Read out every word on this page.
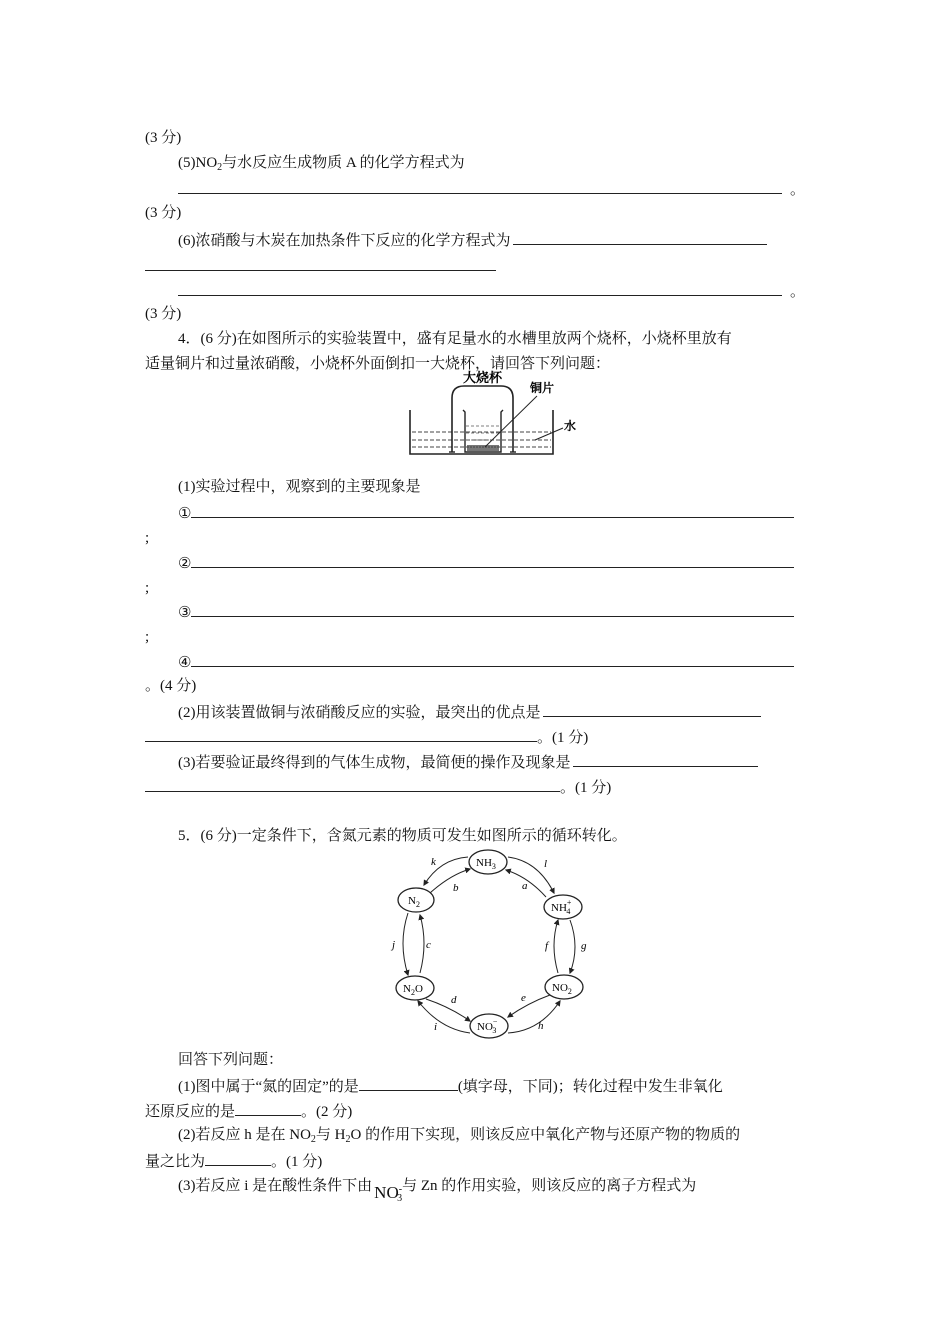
(3 分)
$(5)NO_2$与水反应生成物质 A 的化学方程式为
。
(3 分)
(6)浓硝酸与木炭在加热条件下反应的化学方程式为
。
(3 分)
4．(6 分)在如图所示的实验装置中，盛有足量水的水槽里放两个烧杯，小烧杯里放有
适量铜片和过量浓硝酸，小烧杯外面倒扣一大烧杯，请回答下列问题：
大烧杯
铜片
水
(1)实验过程中，观察到的主要现象是
①
;
②
;
③
;
④
。(4 分)
(2)用该装置做铜与浓硝酸反应的实验，最突出的优点是
。(1 分)
(3)若要验证最终得到的气体生成物，最简便的操作及现象是
。(1 分)
5．(6 分)一定条件下，含氮元素的物质可发生如图所示的循环转化。
$NH_3$
$N_2$	NH+ 4
$N_2O$	$NO_2$
NO− 3
k
b
l
a
j	c	f	g
d
i
e
h
回答下列问题：
(1)图中属于“氮的固定”的是	(填字母，下同)；转化过程中发生非氧化
还原反应的是	。(2 分)
(2)若反应 h 是在 $NO_2$与 $H_2O$ 的作用下实现，则该反应中氧化产物与还原产物的物质的
量之比为	。(1 分)
(3)若反应 i 是在酸性条件下由 $NO^-_3$与 Zn 的作用实验，则该反应的离子方程式为
